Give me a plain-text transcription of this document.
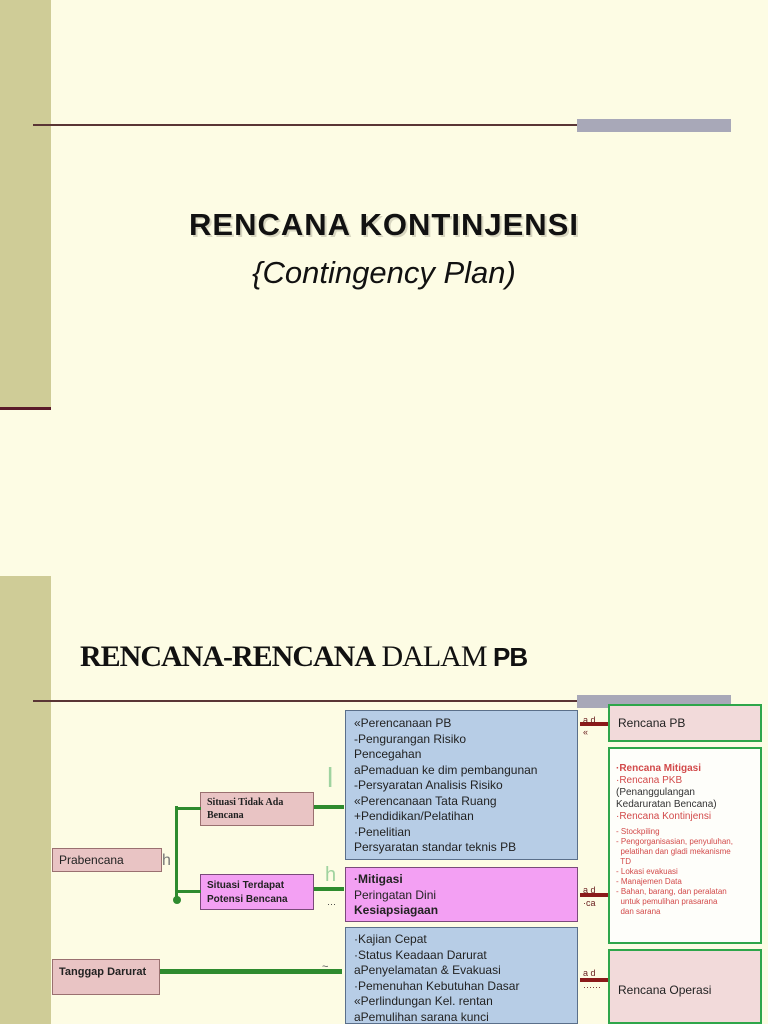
RENCANA KONTINJENSI
{Contingency Plan)
RENCANA-RENCANA DALAM PB
Prabencana
Tanggap Darurat
Situasi Tidak Ada
Bencana
Situasi Terdapat
Potensi Bencana
h
h
l
···
~
«Perencanaan PB
-Pengurangan Risiko
Pencegahan
aPemaduan ke dim pembangunan
-Persyaratan Analisis Risiko
«Perencanaan Tata Ruang
+Pendidikan/Pelatihan
·Penelitian
Persyaratan standar teknis PB
·Mitigasi
Peringatan Dini
Kesiapsiagaan
·Kajian Cepat
·Status Keadaan Darurat
aPenyelamatan & Evakuasi
·Pemenuhan Kebutuhan Dasar
«Perlindungan Kel. rentan
aPemulihan sarana kunci
a d
«
a d
·ca
a d
······
Rencana PB
·Rencana Mitigasi
·Rencana PKB
(Penanggulangan
Kedaruratan Bencana)
·Rencana Kontinjensi
- Stockpiling
- Pengorganisasian, penyuluhan,
pelatihan dan gladi mekanisme
TD
- Lokasi evakuasi
- Manajemen Data
- Bahan, barang, dan peralatan
untuk pemulihan prasarana
dan sarana
Rencana Operasi
